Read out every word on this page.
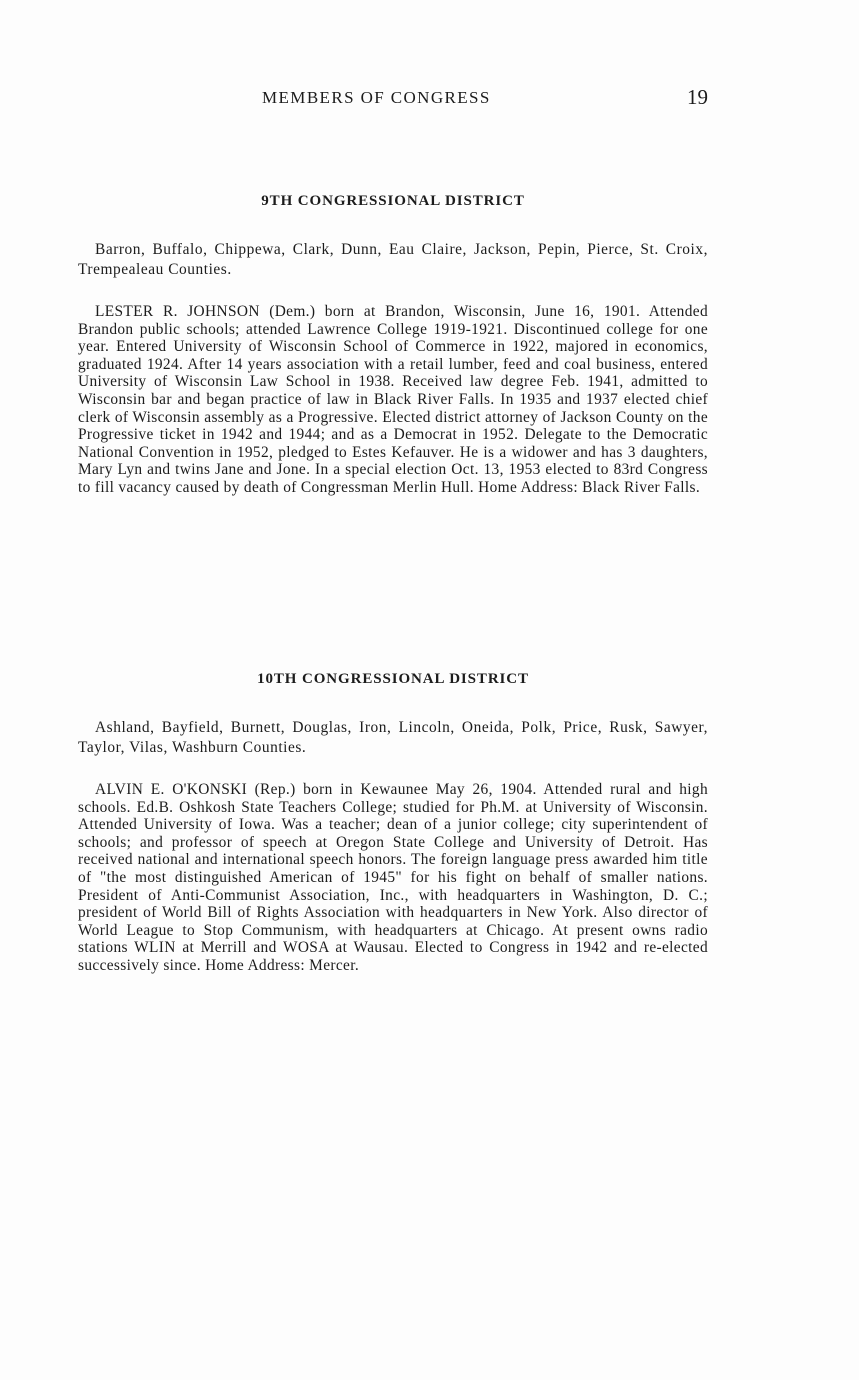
MEMBERS OF CONGRESS	19
9TH CONGRESSIONAL DISTRICT

Barron, Buffalo, Chippewa, Clark, Dunn, Eau Claire, Jackson, Pepin, Pierce, St. Croix, Trempealeau Counties.

LESTER R. JOHNSON (Dem.) born at Brandon, Wisconsin, June 16, 1901. Attended Brandon public schools; attended Lawrence College 1919-1921. Discontinued college for one year. Entered University of Wisconsin School of Commerce in 1922, majored in economics, graduated 1924. After 14 years association with a retail lumber, feed and coal business, entered University of Wisconsin Law School in 1938. Received law degree Feb. 1941, admitted to Wisconsin bar and began practice of law in Black River Falls. In 1935 and 1937 elected chief clerk of Wisconsin assembly as a Progressive. Elected district attorney of Jackson County on the Progressive ticket in 1942 and 1944; and as a Democrat in 1952. Delegate to the Democratic National Convention in 1952, pledged to Estes Kefauver. He is a widower and has 3 daughters, Mary Lyn and twins Jane and Jone. In a special election Oct. 13, 1953 elected to 83rd Congress to fill vacancy caused by death of Congressman Merlin Hull. Home Address: Black River Falls.

10TH CONGRESSIONAL DISTRICT

Ashland, Bayfield, Burnett, Douglas, Iron, Lincoln, Oneida, Polk, Price, Rusk, Sawyer, Taylor, Vilas, Washburn Counties.

ALVIN E. O'KONSKI (Rep.) born in Kewaunee May 26, 1904. Attended rural and high schools. Ed.B. Oshkosh State Teachers College; studied for Ph.M. at University of Wisconsin. Attended University of Iowa. Was a teacher; dean of a junior college; city superintendent of schools; and professor of speech at Oregon State College and University of Detroit. Has received national and international speech honors. The foreign language press awarded him title of "the most distinguished American of 1945" for his fight on behalf of smaller nations. President of Anti-Communist Association, Inc., with headquarters in Washington, D. C.; president of World Bill of Rights Association with headquarters in New York. Also director of World League to Stop Communism, with headquarters at Chicago. At present owns radio stations WLIN at Merrill and WOSA at Wausau. Elected to Congress in 1942 and re-elected successively since. Home Address: Mercer.
